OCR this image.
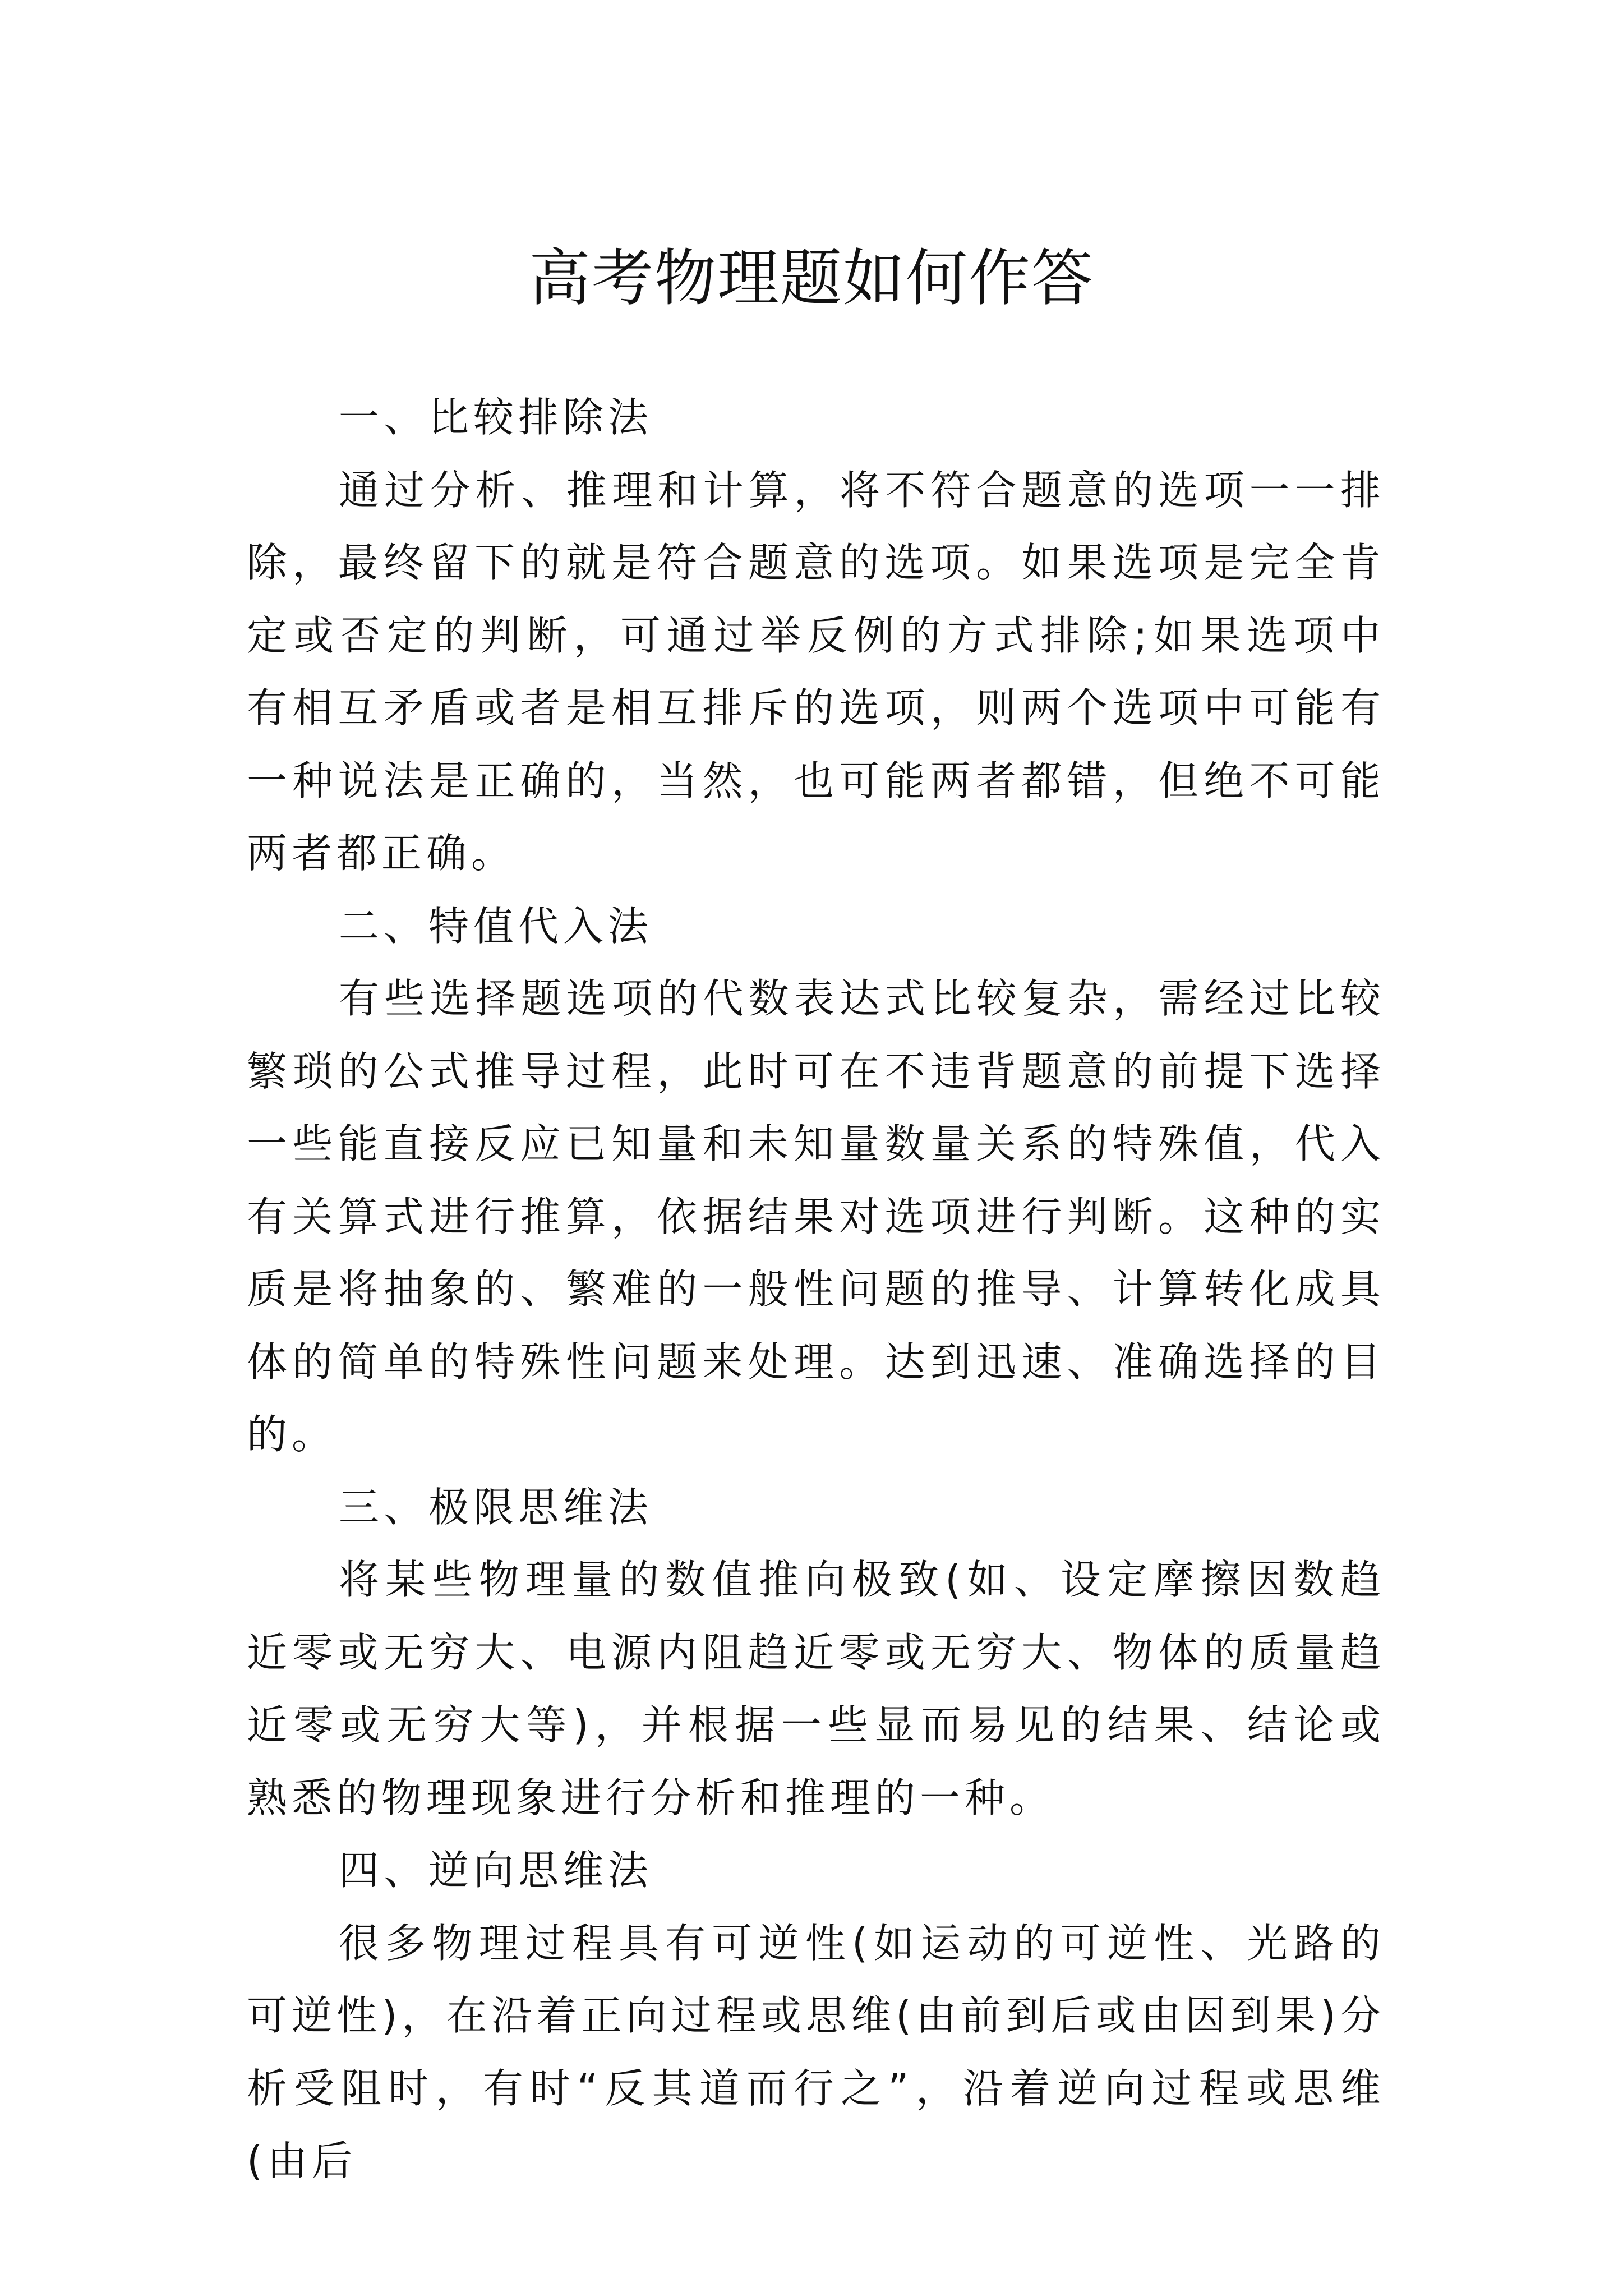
高考物理题如何作答

一、比较排除法

通过分析、推理和计算，将不符合题意的选项一一排除，最终留下的就是符合题意的选项。如果选项是完全肯定或否定的判断，可通过举反例的方式排除;如果选项中有相互矛盾或者是相互排斥的选项，则两个选项中可能有一种说法是正确的，当然，也可能两者都错，但绝不可能两者都正确。

二、特值代入法

有些选择题选项的代数表达式比较复杂，需经过比较繁琐的公式推导过程，此时可在不违背题意的前提下选择一些能直接反应已知量和未知量数量关系的特殊值，代入有关算式进行推算，依据结果对选项进行判断。这种的实质是将抽象的、繁难的一般性问题的推导、计算转化成具体的简单的特殊性问题来处理。达到迅速、准确选择的目的。

三、极限思维法

将某些物理量的数值推向极致(如、设定摩擦因数趋近零或无穷大、电源内阻趋近零或无穷大、物体的质量趋近零或无穷大等)，并根据一些显而易见的结果、结论或熟悉的物理现象进行分析和推理的一种。

四、逆向思维法

很多物理过程具有可逆性(如运动的可逆性、光路的可逆性)，在沿着正向过程或思维(由前到后或由因到果)分析受阻时，有时“反其道而行之”，沿着逆向过程或思维(由后
